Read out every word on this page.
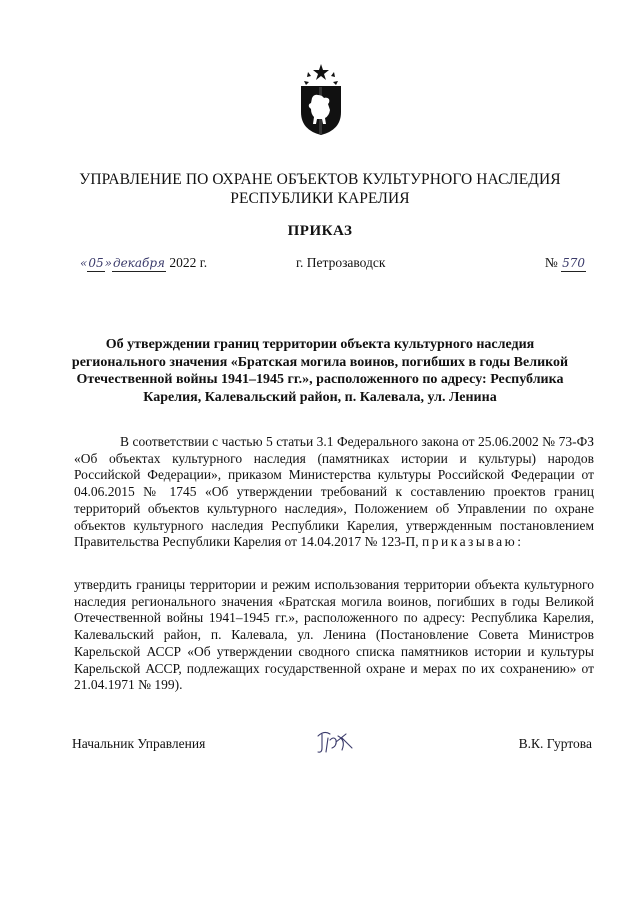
УПРАВЛЕНИЕ ПО ОХРАНЕ ОБЪЕКТОВ КУЛЬТУРНОГО НАСЛЕДИЯ
РЕСПУБЛИКИ КАРЕЛИЯ
ПРИКАЗ
«05»декабря 2022 г.	г. Петрозаводск	№ 570
Об утверждении границ территории объекта культурного наследия
регионального значения «Братская могила воинов, погибших в годы Великой
Отечественной войны 1941–1945 гг.», расположенного по адресу: Республика
Карелия, Калевальский район, п. Калевала, ул. Ленина
В соответствии с частью 5 статьи 3.1 Федерального закона от 25.06.2002 № 73-ФЗ «Об объектах культурного наследия (памятниках истории и культуры) народов Российской Федерации», приказом Министерства культуры Российской Федерации от 04.06.2015 № 1745 «Об утверждении требований к составлению проектов границ территорий объектов культурного наследия», Положением об Управлении по охране объектов культурного наследия Республики Карелия, утвержденным постановлением Правительства Республики Карелия от 14.04.2017 № 123-П, приказываю:
утвердить границы территории и режим использования территории объекта культурного наследия регионального значения «Братская могила воинов, погибших в годы Великой Отечественной войны 1941–1945 гг.», расположенного по адресу: Республика Карелия, Калевальский район, п. Калевала, ул. Ленина (Постановление Совета Министров Карельской АССР «Об утверждении сводного списка памятников истории и культуры Карельской АССР, подлежащих государственной охране и мерах по их сохранению» от 21.04.1971 № 199).
Начальник Управления	В.К. Гуртова
